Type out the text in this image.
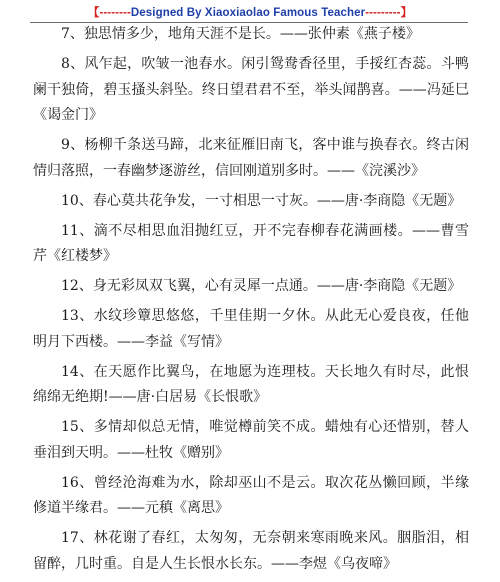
【--------Designed By Xiaoxiaolao Famous Teacher---------】

7、独思情多少，地角天涯不是长。——张仲素《燕子楼》

8、风乍起，吹皱一池春水。闲引鸳鸯香径里，手挼红杏蕊。斗鸭阑干独倚，碧玉搔头斜坠。终日望君君不至，举头闻鹊喜。——冯延巳《谒金门》

9、杨柳千条送马蹄，北来征雁旧南飞，客中谁与换春衣。终古闲情归落照，一春幽梦逐游丝，信回刚道别多时。——《浣溪沙》

10、春心莫共花争发，一寸相思一寸灰。——唐·李商隐《无题》

11、滴不尽相思血泪抛红豆，开不完春柳春花满画楼。——曹雪芹《红楼梦》

12、身无彩凤双飞翼，心有灵犀一点通。——唐·李商隐《无题》

13、水纹珍簟思悠悠，千里佳期一夕休。从此无心爱良夜，任他明月下西楼。——李益《写情》

14、在天愿作比翼鸟，在地愿为连理枝。天长地久有时尽，此恨绵绵无绝期!——唐·白居易《长恨歌》

15、多情却似总无情，唯觉樽前笑不成。蜡烛有心还惜别，替人垂泪到天明。——杜牧《赠别》

16、曾经沧海难为水，除却巫山不是云。取次花丛懒回顾，半缘修道半缘君。——元稹《离思》

17、林花谢了春红，太匆匆，无奈朝来寒雨晚来风。胭脂泪，相留醉，几时重。自是人生长恨水长东。——李煜《乌夜啼》
